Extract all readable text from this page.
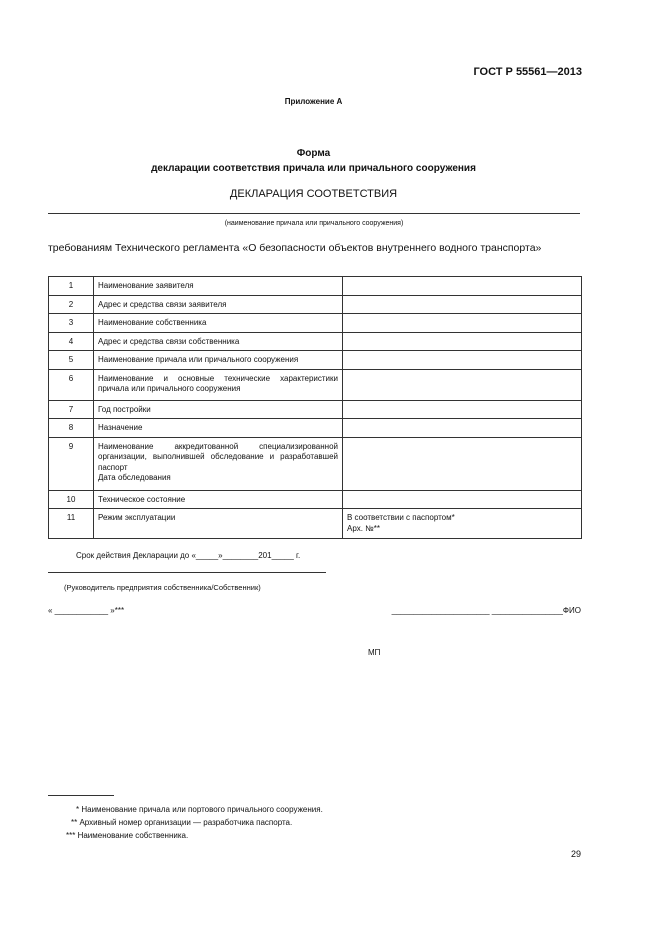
ГОСТ Р 55561—2013
Приложение А
Форма
декларации соответствия причала или причального сооружения
ДЕКЛАРАЦИЯ СООТВЕТСТВИЯ
(наименование причала или причального сооружения)
требованиям Технического регламента «О безопасности объектов внутреннего водного транспорта»
1	Наименование заявителя	
2	Адрес и средства связи заявителя	
3	Наименование собственника	
4	Адрес и средства связи собственника	
5	Наименование причала или причального сооружения	
6	Наименование и основные технические характеристики причала или причального сооружения	
7	Год постройки	
8	Назначение	
9	Наименование аккредитованной специализированной организации, выполнившей обследование и разработавшей паспорт
Дата обследования	

10	Техническое состояние	
11	Режим эксплуатации	В соответствии с паспортом*
Арх. №**
Срок действия Декларации до «_____»________201_____ г.
(Руководитель предприятия собственника/Собственник)
« ____________ »***	______________________ ________________ФИО
МП
* Наименование причала или портового причального сооружения.
** Архивный номер организации — разработчика паспорта.
*** Наименование собственника.
29
